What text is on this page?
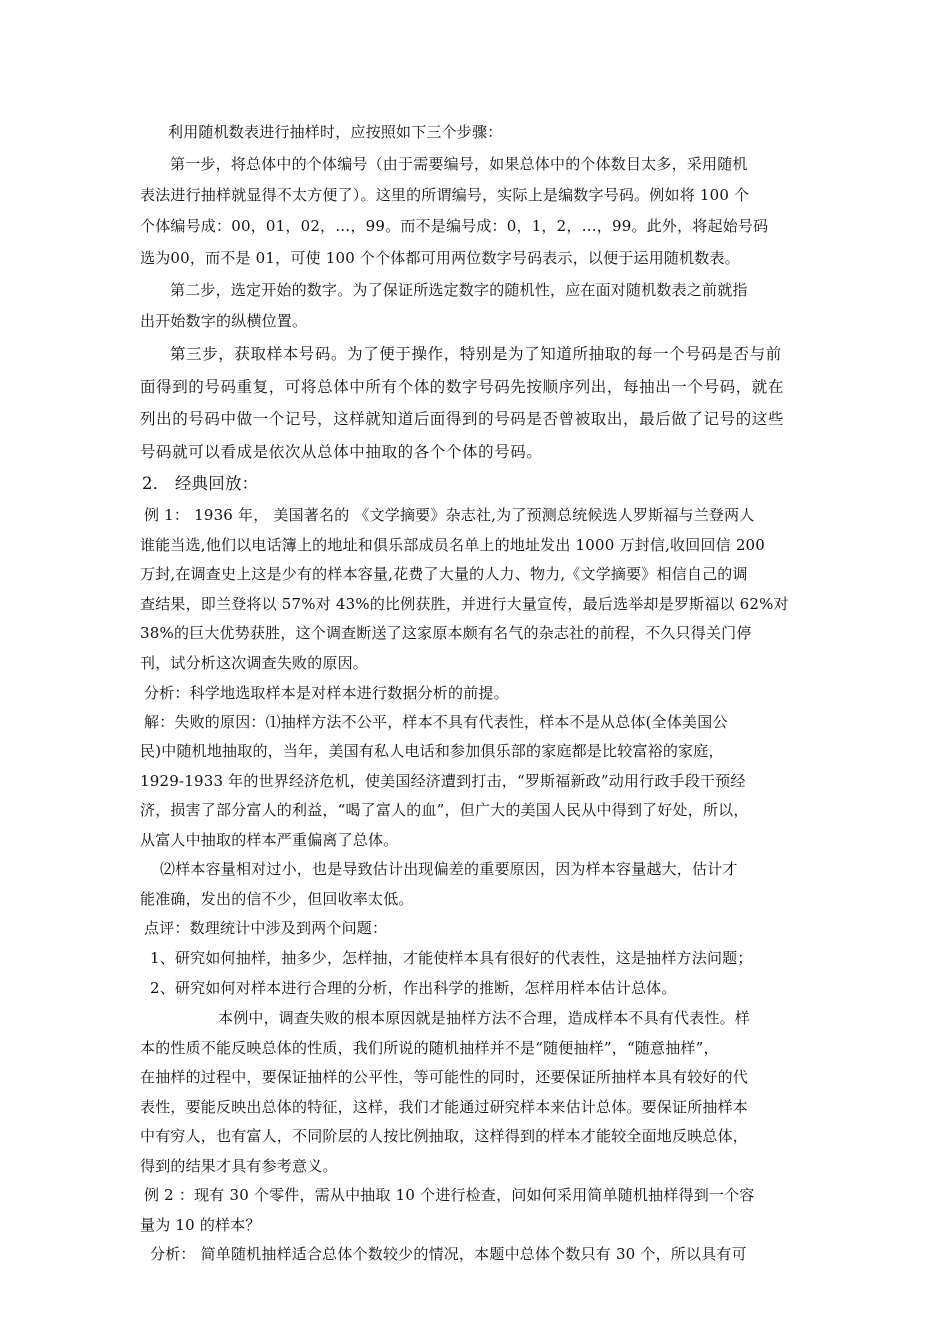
利用随机数表进行抽样时，应按照如下三个步骤：
第一步，将总体中的个体编号（由于需要编号，如果总体中的个体数目太多，采用随机
表法进行抽样就显得不太方便了）。这里的所谓编号，实际上是编数字号码。例如将 100 个
个体编号成：00，01，02，…，99。而不是编号成：0，1，2，…，99。此外，将起始号码
选为00，而不是 01，可使 100 个个体都可用两位数字号码表示，以便于运用随机数表。
第二步，选定开始的数字。为了保证所选定数字的随机性，应在面对随机数表之前就指
出开始数字的纵横位置。
第三步，获取样本号码。为了便于操作，特别是为了知道所抽取的每一个号码是否与前
面得到的号码重复，可将总体中所有个体的数字号码先按顺序列出，每抽出一个号码，就在
列出的号码中做一个记号，这样就知道后面得到的号码是否曾被取出，最后做了记号的这些
号码就可以看成是依次从总体中抽取的各个个体的号码。
2． 经典回放：
例 1： 1936 年， 美国著名的 《文学摘要》杂志社,为了预测总统候选人罗斯福与兰登两人
谁能当选,他们以电话簿上的地址和俱乐部成员名单上的地址发出 1000 万封信,收回回信 200
万封,在调查史上这是少有的样本容量,花费了大量的人力、物力,《文学摘要》相信自己的调
查结果，即兰登将以 57%对 43%的比例获胜，并进行大量宣传，最后选举却是罗斯福以 62%对
38%的巨大优势获胜，这个调查断送了这家原本颇有名气的杂志社的前程，不久只得关门停
刊，试分析这次调查失败的原因。
分析：科学地选取样本是对样本进行数据分析的前提。
解：失败的原因：⑴抽样方法不公平，样本不具有代表性，样本不是从总体(全体美国公
民)中随机地抽取的，当年，美国有私人电话和参加俱乐部的家庭都是比较富裕的家庭，
1929-1933 年的世界经济危机，使美国经济遭到打击，“罗斯福新政”动用行政手段干预经
济，损害了部分富人的利益，“喝了富人的血”，但广大的美国人民从中得到了好处，所以，
从富人中抽取的样本严重偏离了总体。
⑵样本容量相对过小，也是导致估计出现偏差的重要原因，因为样本容量越大，估计才
能准确，发出的信不少，但回收率太低。
点评：数理统计中涉及到两个问题：
1、研究如何抽样，抽多少，怎样抽，才能使样本具有很好的代表性，这是抽样方法问题；
2、研究如何对样本进行合理的分析，作出科学的推断，怎样用样本估计总体。
本例中，调查失败的根本原因就是抽样方法不合理，造成样本不具有代表性。样
本的性质不能反映总体的性质，我们所说的随机抽样并不是“随便抽样”，“随意抽样”，
在抽样的过程中，要保证抽样的公平性，等可能性的同时，还要保证所抽样本具有较好的代
表性，要能反映出总体的特征，这样，我们才能通过研究样本来估计总体。要保证所抽样本
中有穷人，也有富人，不同阶层的人按比例抽取，这样得到的样本才能较全面地反映总体，
得到的结果才具有参考意义。
例 2 ：现有 30 个零件，需从中抽取 10 个进行检查，问如何采用简单随机抽样得到一个容
量为 10 的样本？
分析： 简单随机抽样适合总体个数较少的情况，本题中总体个数只有 30 个，所以具有可
